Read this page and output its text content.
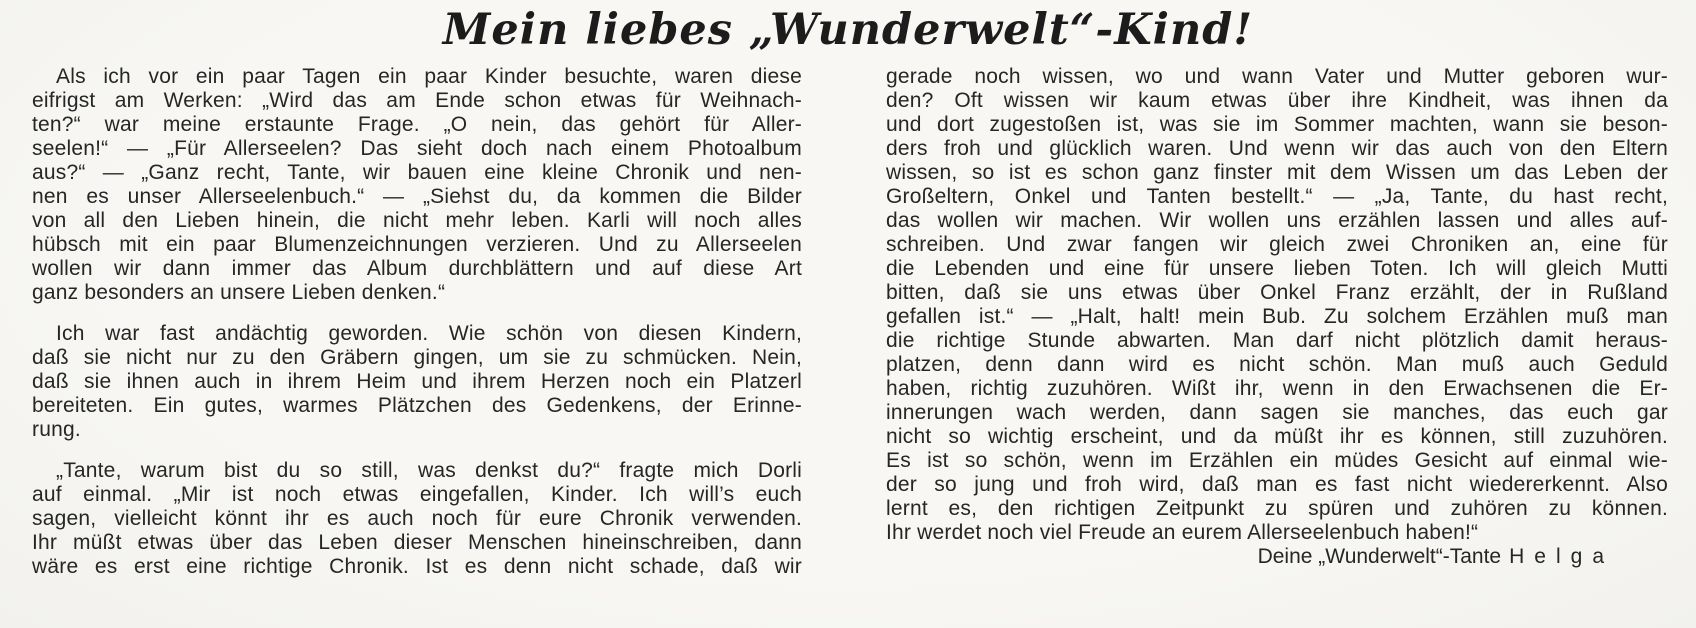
Mein liebes „Wunderwelt“-Kind!
Als ich vor ein paar Tagen ein paar Kinder besuchte, waren diese
eifrigst am Werken: „Wird das am Ende schon etwas für Weihnach-
ten?“ war meine erstaunte Frage. „O nein, das gehört für Aller-
seelen!“ — „Für Allerseelen? Das sieht doch nach einem Photoalbum
aus?“ — „Ganz recht, Tante, wir bauen eine kleine Chronik und nen-
nen es unser Allerseelenbuch.“ — „Siehst du, da kommen die Bilder
von all den Lieben hinein, die nicht mehr leben. Karli will noch alles
hübsch mit ein paar Blumenzeichnungen verzieren. Und zu Allerseelen
wollen wir dann immer das Album durchblättern und auf diese Art
ganz besonders an unsere Lieben denken.“
Ich war fast andächtig geworden. Wie schön von diesen Kindern,
daß sie nicht nur zu den Gräbern gingen, um sie zu schmücken. Nein,
daß sie ihnen auch in ihrem Heim und ihrem Herzen noch ein Platzerl
bereiteten. Ein gutes, warmes Plätzchen des Gedenkens, der Erinne-
rung.
„Tante, warum bist du so still, was denkst du?“ fragte mich Dorli
auf einmal. „Mir ist noch etwas eingefallen, Kinder. Ich will’s euch
sagen, vielleicht könnt ihr es auch noch für eure Chronik verwenden.
Ihr müßt etwas über das Leben dieser Menschen hineinschreiben, dann
wäre es erst eine richtige Chronik. Ist es denn nicht schade, daß wir
gerade noch wissen, wo und wann Vater und Mutter geboren wur-
den? Oft wissen wir kaum etwas über ihre Kindheit, was ihnen da
und dort zugestoßen ist, was sie im Sommer machten, wann sie beson-
ders froh und glücklich waren. Und wenn wir das auch von den Eltern
wissen, so ist es schon ganz finster mit dem Wissen um das Leben der
Großeltern, Onkel und Tanten bestellt.“ — „Ja, Tante, du hast recht,
das wollen wir machen. Wir wollen uns erzählen lassen und alles auf-
schreiben. Und zwar fangen wir gleich zwei Chroniken an, eine für
die Lebenden und eine für unsere lieben Toten. Ich will gleich Mutti
bitten, daß sie uns etwas über Onkel Franz erzählt, der in Rußland
gefallen ist.“ — „Halt, halt! mein Bub. Zu solchem Erzählen muß man
die richtige Stunde abwarten. Man darf nicht plötzlich damit heraus-
platzen, denn dann wird es nicht schön. Man muß auch Geduld
haben, richtig zuzuhören. Wißt ihr, wenn in den Erwachsenen die Er-
innerungen wach werden, dann sagen sie manches, das euch gar
nicht so wichtig erscheint, und da müßt ihr es können, still zuzuhören.
Es ist so schön, wenn im Erzählen ein müdes Gesicht auf einmal wie-
der so jung und froh wird, daß man es fast nicht wiedererkennt. Also
lernt es, den richtigen Zeitpunkt zu spüren und zuhören zu können.
Ihr werdet noch viel Freude an eurem Allerseelenbuch haben!“
Deine „Wunderwelt“-Tante Helga
